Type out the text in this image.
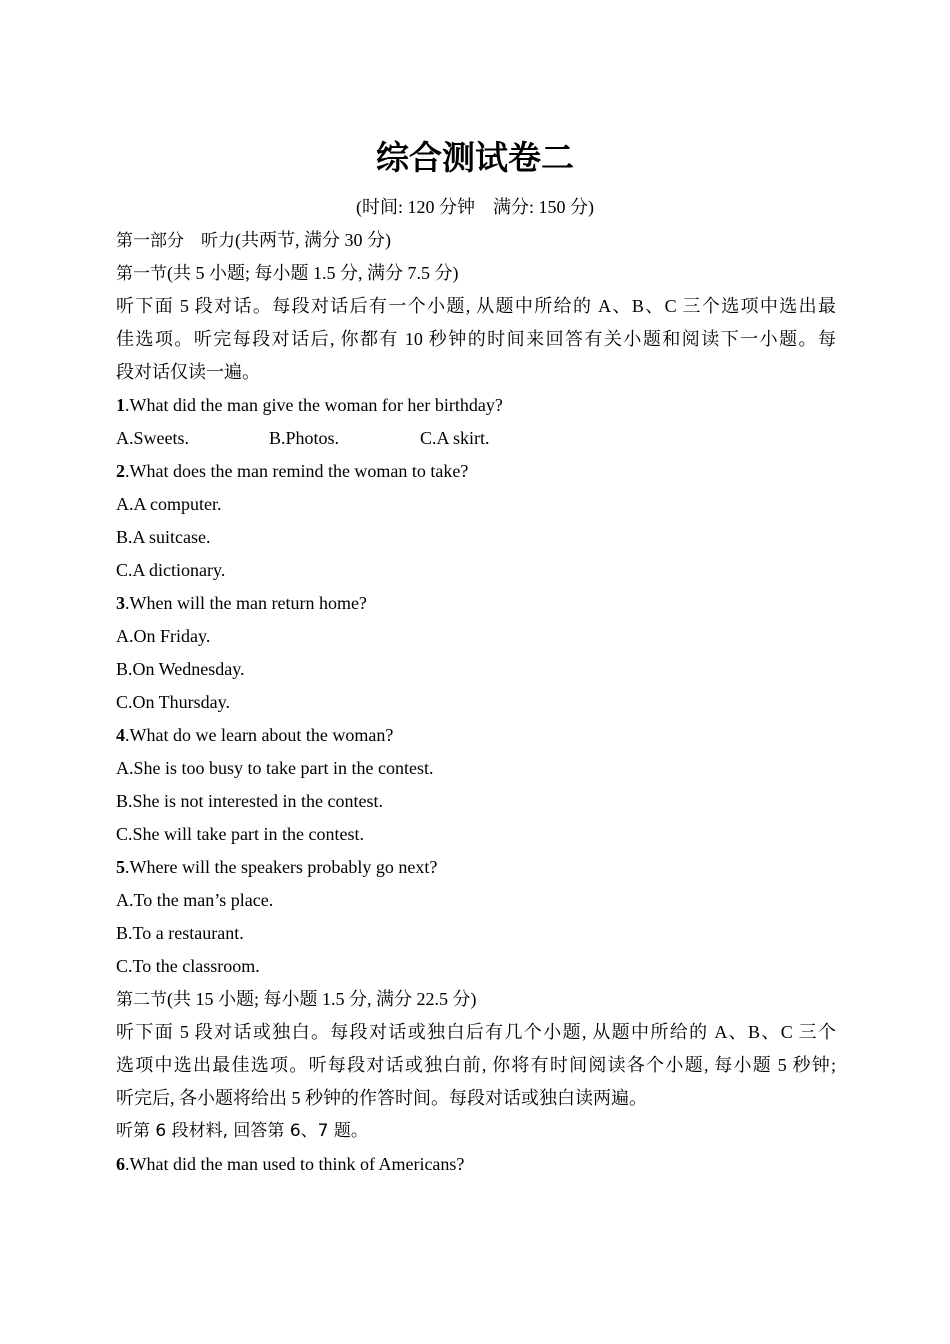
综合测试卷二
(时间: 120 分钟　满分: 150 分)
第一部分　听力(共两节, 满分 30 分)
第一节(共 5 小题; 每小题 1.5 分, 满分 7.5 分)
听下面 5 段对话。每段对话后有一个小题, 从题中所给的 A、B、C 三个选项中选出最
佳选项。听完每段对话后, 你都有 10 秒钟的时间来回答有关小题和阅读下一小题。每
段对话仅读一遍。
1.What did the man give the woman for her birthday?
A.Sweets.	B.Photos.	C.A skirt.
2.What does the man remind the woman to take?
A.A computer.
B.A suitcase.
C.A dictionary.
3.When will the man return home?
A.On Friday.
B.On Wednesday.
C.On Thursday.
4.What do we learn about the woman?
A.She is too busy to take part in the contest.
B.She is not interested in the contest.
C.She will take part in the contest.
5.Where will the speakers probably go next?
A.To the man’s place.
B.To a restaurant.
C.To the classroom.
第二节(共 15 小题; 每小题 1.5 分, 满分 22.5 分)
听下面 5 段对话或独白。每段对话或独白后有几个小题, 从题中所给的 A、B、C 三个
选项中选出最佳选项。听每段对话或独白前, 你将有时间阅读各个小题, 每小题 5 秒钟;
听完后, 各小题将给出 5 秒钟的作答时间。每段对话或独白读两遍。
听第 6 段材料, 回答第 6、7 题。
6.What did the man used to think of Americans?
